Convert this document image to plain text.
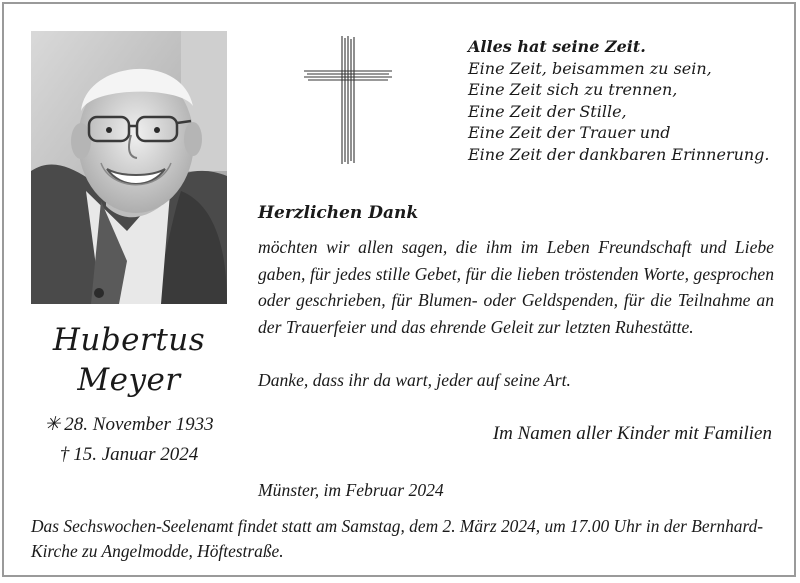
Hubertus
Meyer
✳ 28. November 1933
† 15. Januar 2024
Alles hat seine Zeit.
Eine Zeit, beisammen zu sein,
Eine Zeit sich zu trennen,
Eine Zeit der Stille,
Eine Zeit der Trauer und
Eine Zeit der dankbaren Erinnerung.
Herzlichen Dank

möchten wir allen sagen, die ihm im Leben Freundschaft und Liebe gaben, für jedes stille Gebet, für die lieben tröstenden Worte, gesprochen oder geschrieben, für Blumen- oder Geldspenden, für die Teilnahme an der Trauerfeier und das ehrende Geleit zur letzten Ruhestätte.

Danke, dass ihr da wart, jeder auf seine Art.
Im Namen aller Kinder mit Familien
Münster, im Februar 2024
Das Sechswochen-Seelenamt findet statt am Samstag, dem 2. März 2024, um 17.00 Uhr in der Bernhard-Kirche zu Angelmodde, Höftestraße.
